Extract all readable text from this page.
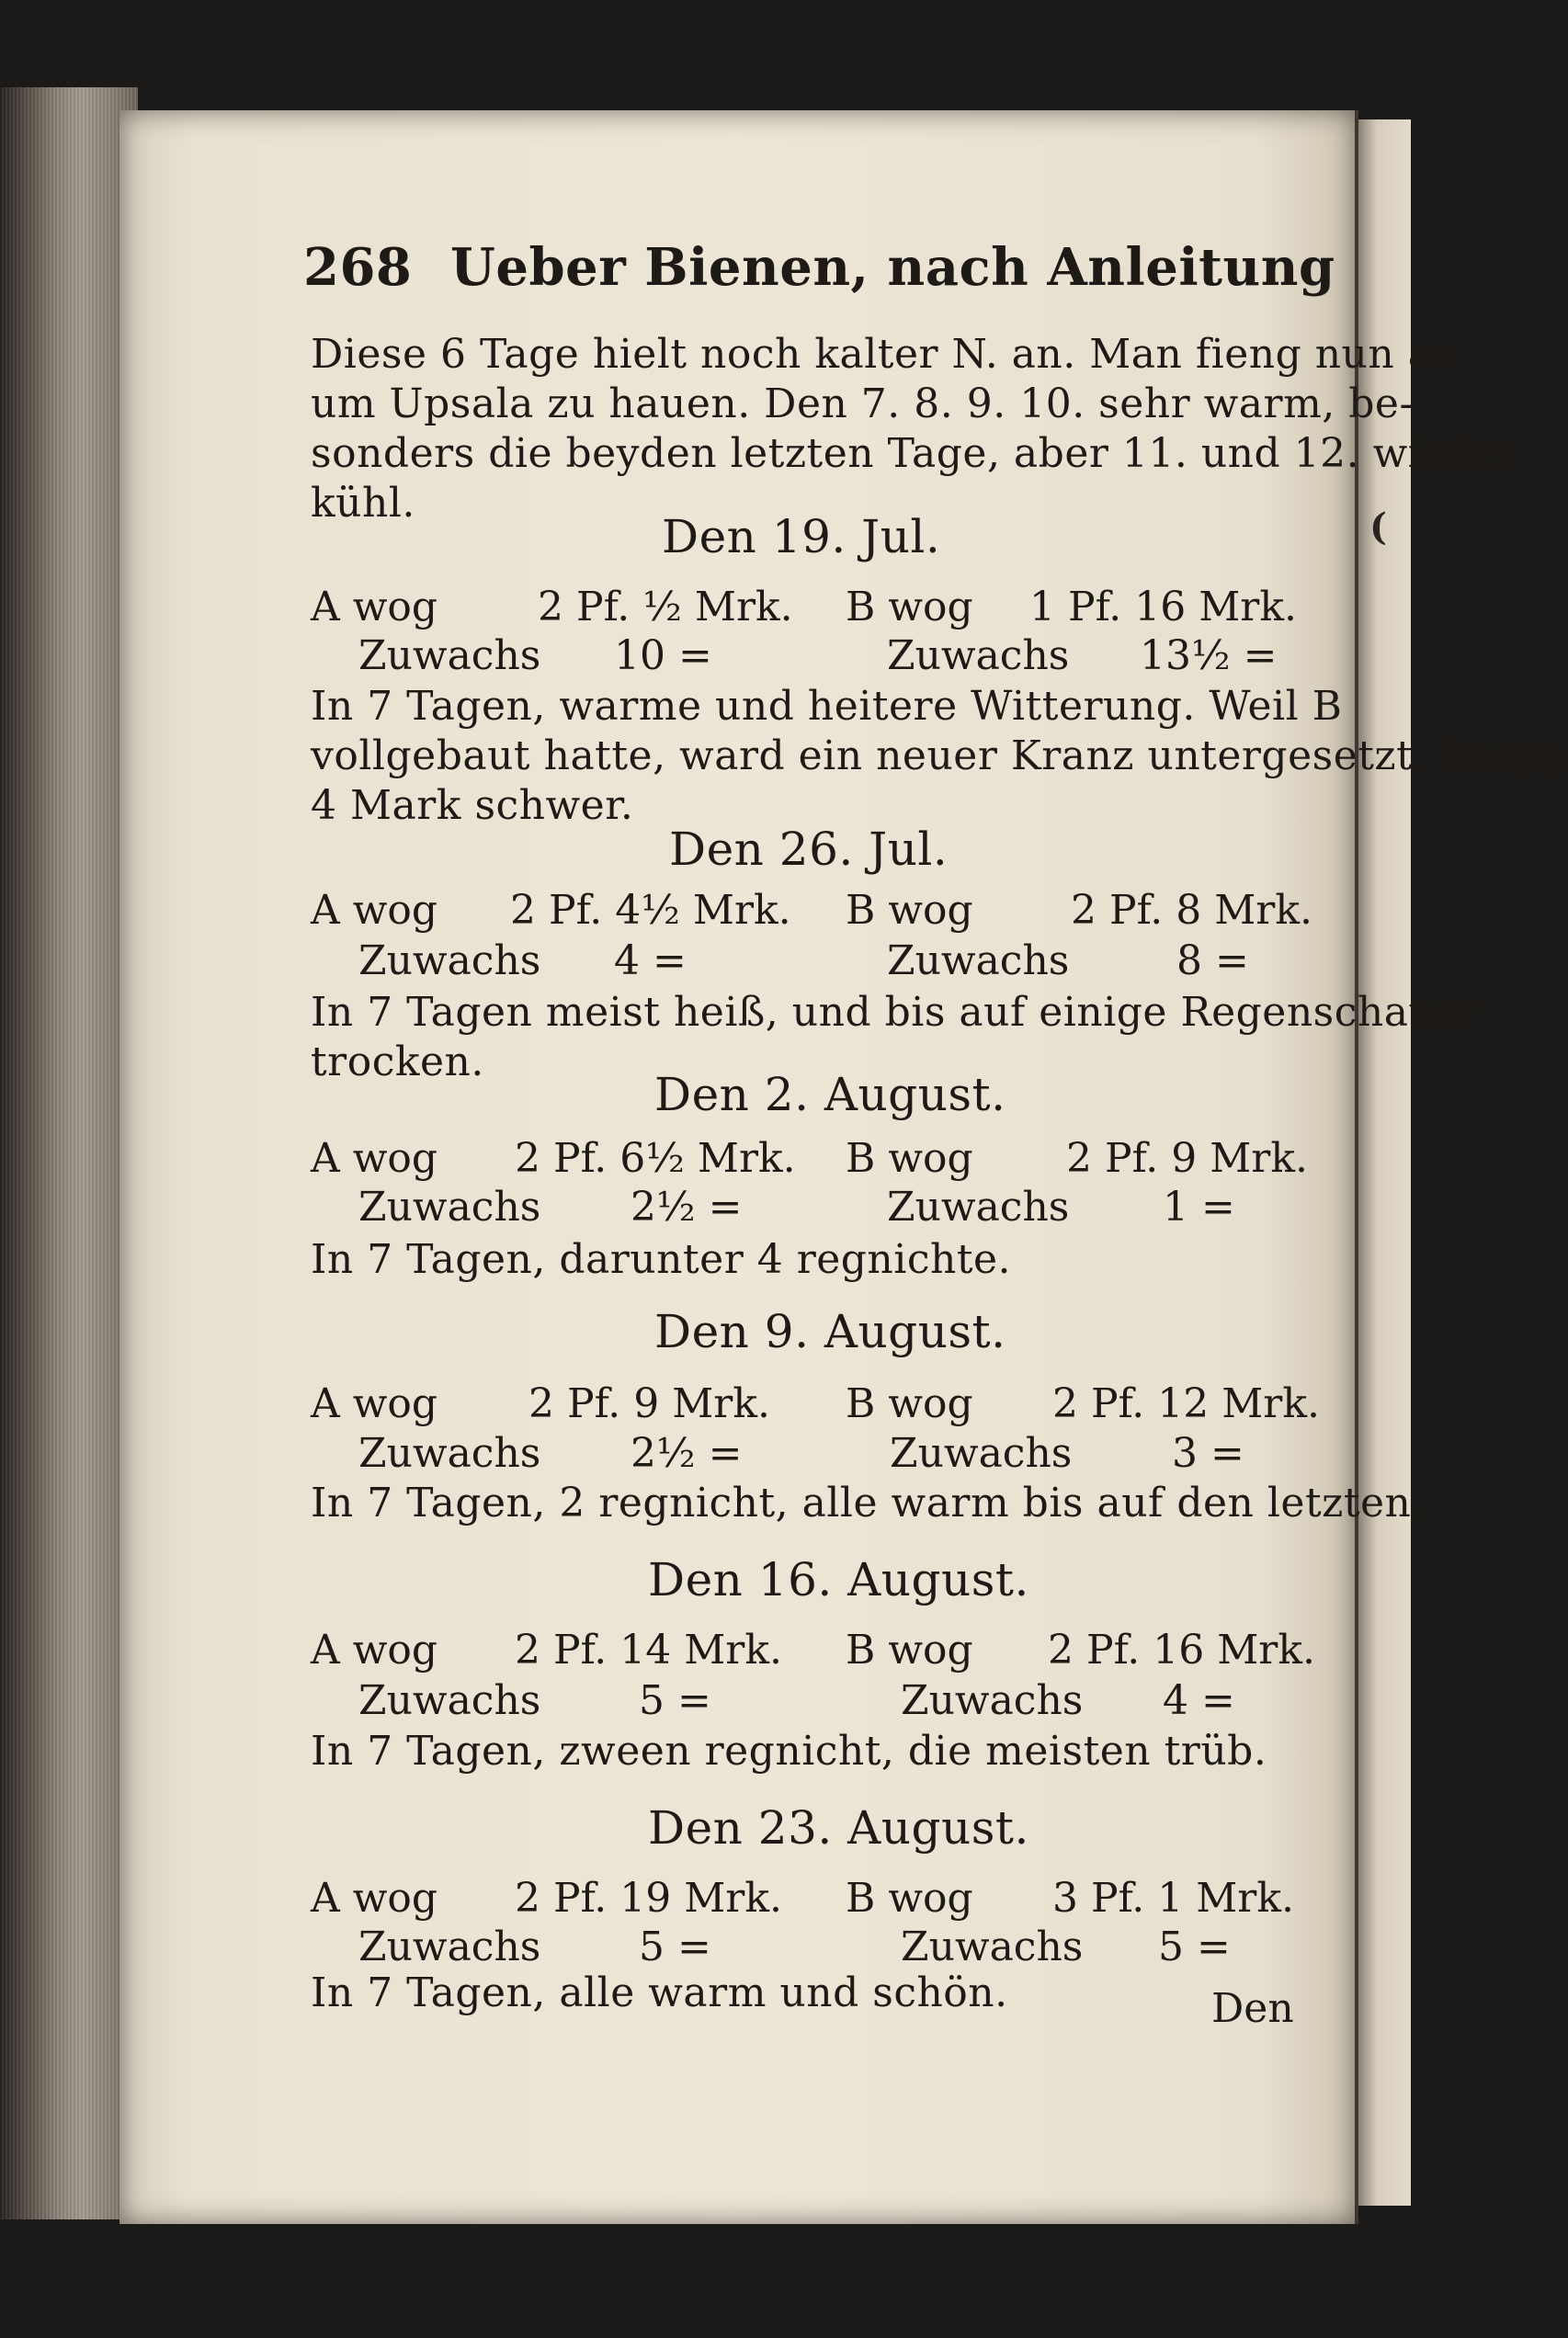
(
268 Ueber Bienen, nach Anleitung
Diese 6 Tage hielt noch kalter N. an. Man fieng nun an
um Upsala zu hauen. Den 7. 8. 9. 10. sehr warm, be-
sonders die beyden letzten Tage, aber 11. und 12. wieder
kühl.
Den 19. Jul.
A wog 2 Pf. ½ Mrk. B wog 1 Pf. 16 Mrk.
Zuwachs 10 =	Zuwachs 13½ =
In 7 Tagen, warme und heitere Witterung. Weil B
vollgebaut hatte, ward ein neuer Kranz untergesetzt, knapp
4 Mark schwer.
Den 26. Jul.
A wog 2 Pf. 4½ Mrk. B wog 2 Pf. 8 Mrk.
Zuwachs 4 =	Zuwachs	8 =
In 7 Tagen meist heiß, und bis auf einige Regenschauer
trocken.
Den 2. August.
A wog 2 Pf. 6½ Mrk. B wog 2 Pf. 9 Mrk.
Zuwachs 2½ =	Zuwachs 1 =
In 7 Tagen, darunter 4 regnichte.
Den 9. August.
A wog 2 Pf. 9 Mrk. B wog 2 Pf. 12 Mrk.
Zuwachs 2½ =	Zuwachs 3 =
In 7 Tagen, 2 regnicht, alle warm bis auf den letzten.
Den 16. August.
A wog 2 Pf. 14 Mrk. B wog 2 Pf. 16 Mrk.
Zuwachs 5 =	Zuwachs 4 =
In 7 Tagen, zween regnicht, die meisten trüb.
Den 23. August.
A wog 2 Pf. 19 Mrk. B wog 3 Pf. 1 Mrk.
Zuwachs 5 =	Zuwachs 5 =
In 7 Tagen, alle warm und schön.	Den
